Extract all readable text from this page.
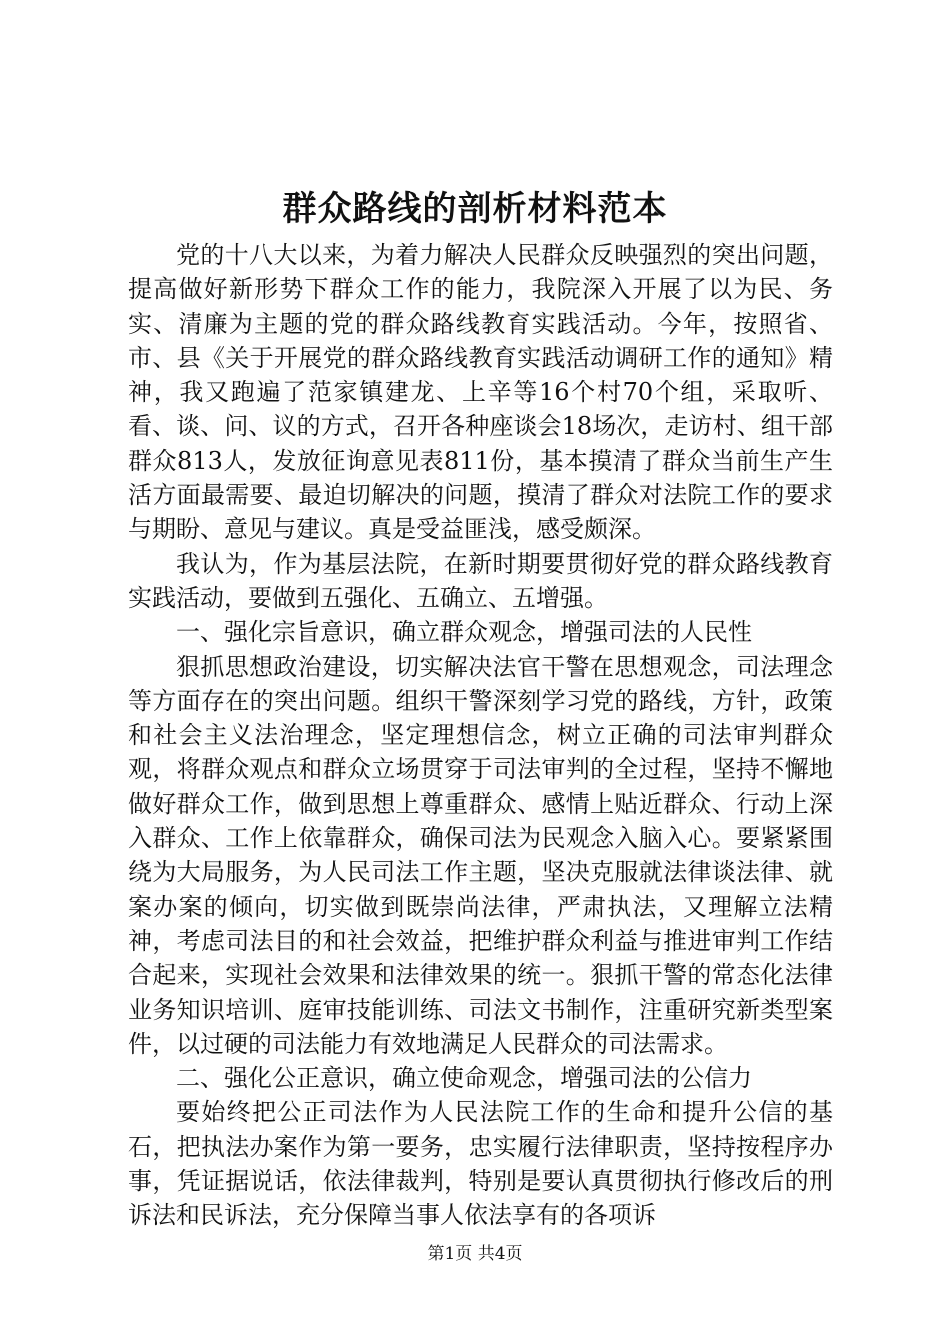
群众路线的剖析材料范本

党的十八大以来，为着力解决人民群众反映强烈的突出问题，提高做好新形势下群众工作的能力，我院深入开展了以为民、务实、清廉为主题的党的群众路线教育实践活动。今年，按照省、市、县《关于开展党的群众路线教育实践活动调研工作的通知》精神，我又跑遍了范家镇建龙、上辛等16个村70个组，采取听、看、谈、问、议的方式，召开各种座谈会18场次，走访村、组干部群众813人，发放征询意见表811份，基本摸清了群众当前生产生活方面最需要、最迫切解决的问题，摸清了群众对法院工作的要求与期盼、意见与建议。真是受益匪浅，感受颇深。

我认为，作为基层法院，在新时期要贯彻好党的群众路线教育实践活动，要做到五强化、五确立、五增强。

一、强化宗旨意识，确立群众观念，增强司法的人民性

狠抓思想政治建设，切实解决法官干警在思想观念，司法理念等方面存在的突出问题。组织干警深刻学习党的路线，方针，政策和社会主义法治理念，坚定理想信念，树立正确的司法审判群众观，将群众观点和群众立场贯穿于司法审判的全过程，坚持不懈地做好群众工作，做到思想上尊重群众、感情上贴近群众、行动上深入群众、工作上依靠群众，确保司法为民观念入脑入心。要紧紧围绕为大局服务，为人民司法工作主题，坚决克服就法律谈法律、就案办案的倾向，切实做到既崇尚法律，严肃执法，又理解立法精神，考虑司法目的和社会效益，把维护群众利益与推进审判工作结合起来，实现社会效果和法律效果的统一。狠抓干警的常态化法律业务知识培训、庭审技能训练、司法文书制作，注重研究新类型案件，以过硬的司法能力有效地满足人民群众的司法需求。

二、强化公正意识，确立使命观念，增强司法的公信力

要始终把公正司法作为人民法院工作的生命和提升公信的基石，把执法办案作为第一要务，忠实履行法律职责，坚持按程序办事，凭证据说话，依法律裁判，特别是要认真贯彻执行修改后的刑诉法和民诉法，充分保障当事人依法享有的各项诉

第1页 共4页
